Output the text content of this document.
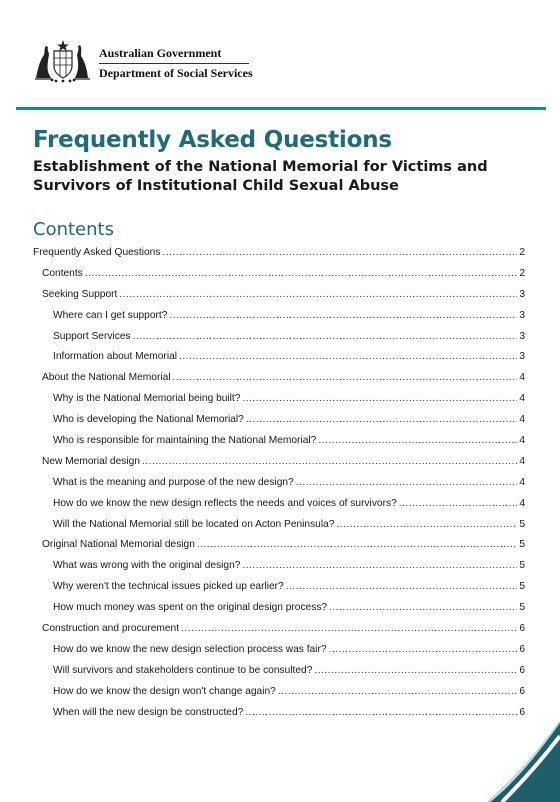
Australian Government
Department of Social Services
Frequently Asked Questions
Establishment of the National Memorial for Victims and Survivors of Institutional Child Sexual Abuse
Contents
Frequently Asked Questions .....	2
Contents .....	2
Seeking Support .....	3
Where can I get support? .....	3
Support Services .....	3
Information about Memorial .....	3
About the National Memorial .....	4
Why is the National Memorial being built? .....	4
Who is developing the National Memorial? .....	4
Who is responsible for maintaining the National Memorial? .....	4
New Memorial design .....	4
What is the meaning and purpose of the new design? .....	4
How do we know the new design reflects the needs and voices of survivors? .....	4
Will the National Memorial still be located on Acton Peninsula? .....	5
Original National Memorial design .....	5
What was wrong with the original design? .....	5
Why weren't the technical issues picked up earlier? .....	5
How much money was spent on the original design process? .....	5
Construction and procurement .....	6
How do we know the new design selection process was fair? .....	6
Will survivors and stakeholders continue to be consulted? .....	6
How do we know the design won't change again? .....	6
When will the new design be constructed? .....	6
